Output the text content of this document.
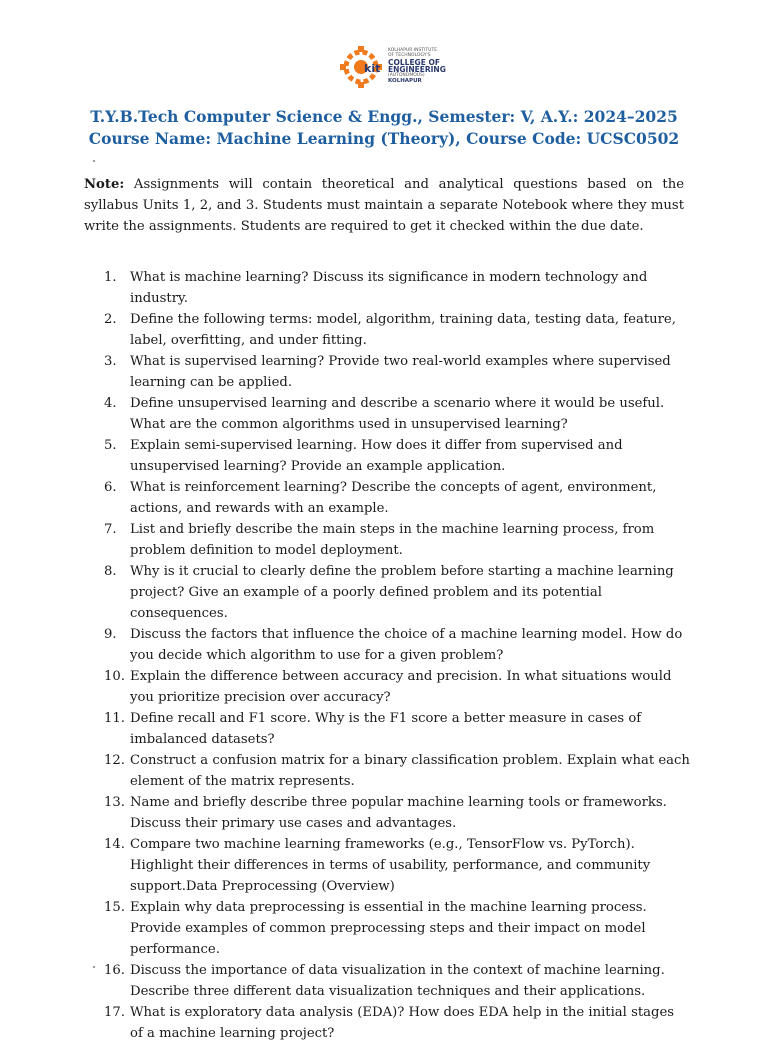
kit
KOLHAPUR INSTITUTE
OF TECHNOLOGY'S
COLLEGE OF
ENGINEERING
(AUTONOMOUS)
KOLHAPUR
T.Y.B.Tech Computer Science & Engg., Semester: V, A.Y.: 2024–2025
Course Name: Machine Learning (Theory), Course Code: UCSC0502
Note: Assignments will contain theoretical and analytical questions based on the syllabus Units 1, 2, and 3. Students must maintain a separate Notebook where they must write the assignments. Students are required to get it checked within the due date.
1. What is machine learning? Discuss its significance in modern technology and industry.
2. Define the following terms: model, algorithm, training data, testing data, feature, label, overfitting, and under fitting.
3. What is supervised learning? Provide two real-world examples where supervised learning can be applied.
4. Define unsupervised learning and describe a scenario where it would be useful. What are the common algorithms used in unsupervised learning?
5. Explain semi-supervised learning. How does it differ from supervised and unsupervised learning? Provide an example application.
6. What is reinforcement learning? Describe the concepts of agent, environment, actions, and rewards with an example.
7. List and briefly describe the main steps in the machine learning process, from problem definition to model deployment.
8. Why is it crucial to clearly define the problem before starting a machine learning project? Give an example of a poorly defined problem and its potential consequences.
9. Discuss the factors that influence the choice of a machine learning model. How do you decide which algorithm to use for a given problem?
10. Explain the difference between accuracy and precision. In what situations would you prioritize precision over accuracy?
11. Define recall and F1 score. Why is the F1 score a better measure in cases of imbalanced datasets?
12. Construct a confusion matrix for a binary classification problem. Explain what each element of the matrix represents.
13. Name and briefly describe three popular machine learning tools or frameworks. Discuss their primary use cases and advantages.
14. Compare two machine learning frameworks (e.g., TensorFlow vs. PyTorch). Highlight their differences in terms of usability, performance, and community support.Data Preprocessing (Overview)
15. Explain why data preprocessing is essential in the machine learning process. Provide examples of common preprocessing steps and their impact on model performance.
16. Discuss the importance of data visualization in the context of machine learning. Describe three different data visualization techniques and their applications.
17. What is exploratory data analysis (EDA)? How does EDA help in the initial stages of a machine learning project?
